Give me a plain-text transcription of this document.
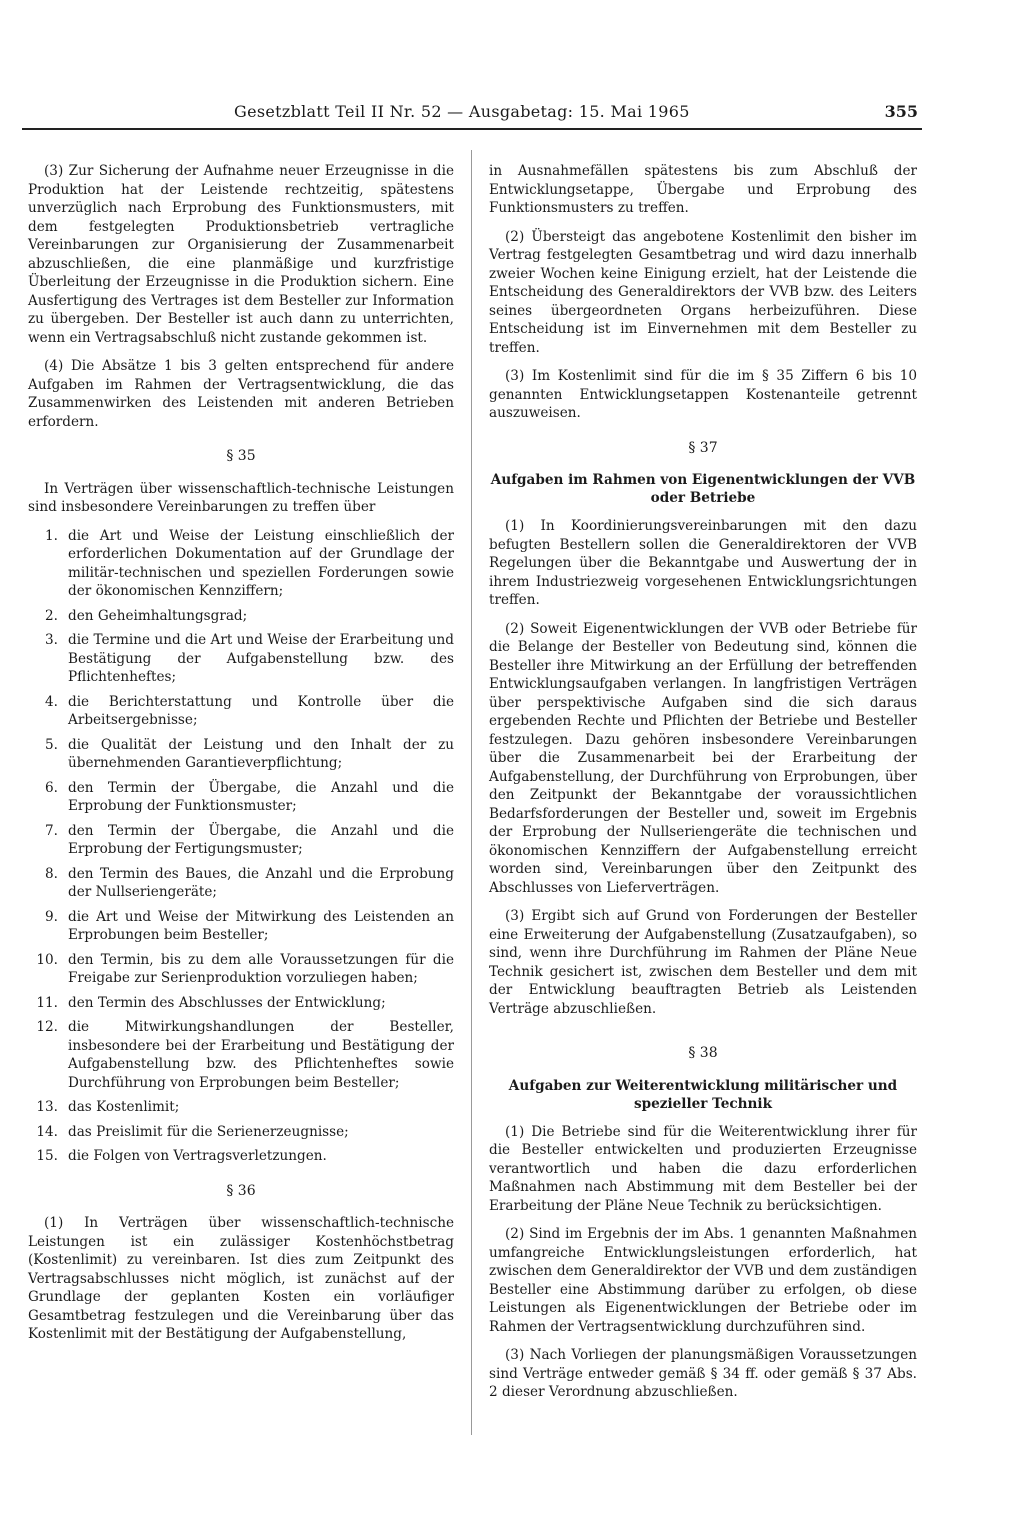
Gesetzblatt Teil II Nr. 52 — Ausgabetag: 15. Mai 1965	355

(3) Zur Sicherung der Aufnahme neuer Erzeugnisse in die Produktion hat der Leistende rechtzeitig, spätestens unverzüglich nach Erprobung des Funktionsmusters, mit dem festgelegten Produktionsbetrieb vertragliche Vereinbarungen zur Organisierung der Zusammenarbeit abzuschließen, die eine planmäßige und kurzfristige Überleitung der Erzeugnisse in die Produktion sichern. Eine Ausfertigung des Vertrages ist dem Besteller zur Information zu übergeben. Der Besteller ist auch dann zu unterrichten, wenn ein Vertragsabschluß nicht zustande gekommen ist.

(4) Die Absätze 1 bis 3 gelten entsprechend für andere Aufgaben im Rahmen der Vertragsentwicklung, die das Zusammenwirken des Leistenden mit anderen Betrieben erfordern.

§ 35

In Verträgen über wissenschaftlich-technische Leistungen sind insbesondere Vereinbarungen zu treffen über

1. die Art und Weise der Leistung einschließlich der erforderlichen Dokumentation auf der Grundlage der militär-technischen und speziellen Forderungen sowie der ökonomischen Kennziffern;
2. den Geheimhaltungsgrad;
3. die Termine und die Art und Weise der Erarbeitung und Bestätigung der Aufgabenstellung bzw. des Pflichtenheftes;
4. die Berichterstattung und Kontrolle über die Arbeitsergebnisse;
5. die Qualität der Leistung und den Inhalt der zu übernehmenden Garantieverpflichtung;
6. den Termin der Übergabe, die Anzahl und die Erprobung der Funktionsmuster;
7. den Termin der Übergabe, die Anzahl und die Erprobung der Fertigungsmuster;
8. den Termin des Baues, die Anzahl und die Erprobung der Nullseriengeräte;
9. die Art und Weise der Mitwirkung des Leistenden an Erprobungen beim Besteller;
10. den Termin, bis zu dem alle Voraussetzungen für die Freigabe zur Serienproduktion vorzuliegen haben;
11. den Termin des Abschlusses der Entwicklung;
12. die Mitwirkungshandlungen der Besteller, insbesondere bei der Erarbeitung und Bestätigung der Aufgabenstellung bzw. des Pflichtenheftes sowie Durchführung von Erprobungen beim Besteller;
13. das Kostenlimit;
14. das Preislimit für die Serienerzeugnisse;
15. die Folgen von Vertragsverletzungen.
§ 36

(1) In Verträgen über wissenschaftlich-technische Leistungen ist ein zulässiger Kostenhöchstbetrag (Kostenlimit) zu vereinbaren. Ist dies zum Zeitpunkt des Vertragsabschlusses nicht möglich, ist zunächst auf der Grundlage der geplanten Kosten ein vorläufiger Gesamtbetrag festzulegen und die Vereinbarung über das Kostenlimit mit der Bestätigung der Aufgabenstellung,

in Ausnahmefällen spätestens bis zum Abschluß der Entwicklungsetappe, Übergabe und Erprobung des Funktionsmusters zu treffen.

(2) Übersteigt das angebotene Kostenlimit den bisher im Vertrag festgelegten Gesamtbetrag und wird dazu innerhalb zweier Wochen keine Einigung erzielt, hat der Leistende die Entscheidung des Generaldirektors der VVB bzw. des Leiters seines übergeordneten Organs herbeizuführen. Diese Entscheidung ist im Einvernehmen mit dem Besteller zu treffen.

(3) Im Kostenlimit sind für die im § 35 Ziffern 6 bis 10 genannten Entwicklungsetappen Kostenanteile getrennt auszuweisen.

§ 37
Aufgaben im Rahmen von Eigenentwicklungen der VVB oder Betriebe

(1) In Koordinierungsvereinbarungen mit den dazu befugten Bestellern sollen die Generaldirektoren der VVB Regelungen über die Bekanntgabe und Auswertung der in ihrem Industriezweig vorgesehenen Entwicklungsrichtungen treffen.

(2) Soweit Eigenentwicklungen der VVB oder Betriebe für die Belange der Besteller von Bedeutung sind, können die Besteller ihre Mitwirkung an der Erfüllung der betreffenden Entwicklungsaufgaben verlangen. In langfristigen Verträgen über perspektivische Aufgaben sind die sich daraus ergebenden Rechte und Pflichten der Betriebe und Besteller festzulegen. Dazu gehören insbesondere Vereinbarungen über die Zusammenarbeit bei der Erarbeitung der Aufgabenstellung, der Durchführung von Erprobungen, über den Zeitpunkt der Bekanntgabe der voraussichtlichen Bedarfsforderungen der Besteller und, soweit im Ergebnis der Erprobung der Nullseriengeräte die technischen und ökonomischen Kennziffern der Aufgabenstellung erreicht worden sind, Vereinbarungen über den Zeitpunkt des Abschlusses von Lieferverträgen.

(3) Ergibt sich auf Grund von Forderungen der Besteller eine Erweiterung der Aufgabenstellung (Zusatzaufgaben), so sind, wenn ihre Durchführung im Rahmen der Pläne Neue Technik gesichert ist, zwischen dem Besteller und dem mit der Entwicklung beauftragten Betrieb als Leistenden Verträge abzuschließen.

§ 38
Aufgaben zur Weiterentwicklung militärischer und spezieller Technik

(1) Die Betriebe sind für die Weiterentwicklung ihrer für die Besteller entwickelten und produzierten Erzeugnisse verantwortlich und haben die dazu erforderlichen Maßnahmen nach Abstimmung mit dem Besteller bei der Erarbeitung der Pläne Neue Technik zu berücksichtigen.

(2) Sind im Ergebnis der im Abs. 1 genannten Maßnahmen umfangreiche Entwicklungsleistungen erforderlich, hat zwischen dem Generaldirektor der VVB und dem zuständigen Besteller eine Abstimmung darüber zu erfolgen, ob diese Leistungen als Eigenentwicklungen der Betriebe oder im Rahmen der Vertragsentwicklung durchzuführen sind.

(3) Nach Vorliegen der planungsmäßigen Voraussetzungen sind Verträge entweder gemäß § 34 ff. oder gemäß § 37 Abs. 2 dieser Verordnung abzuschließen.
